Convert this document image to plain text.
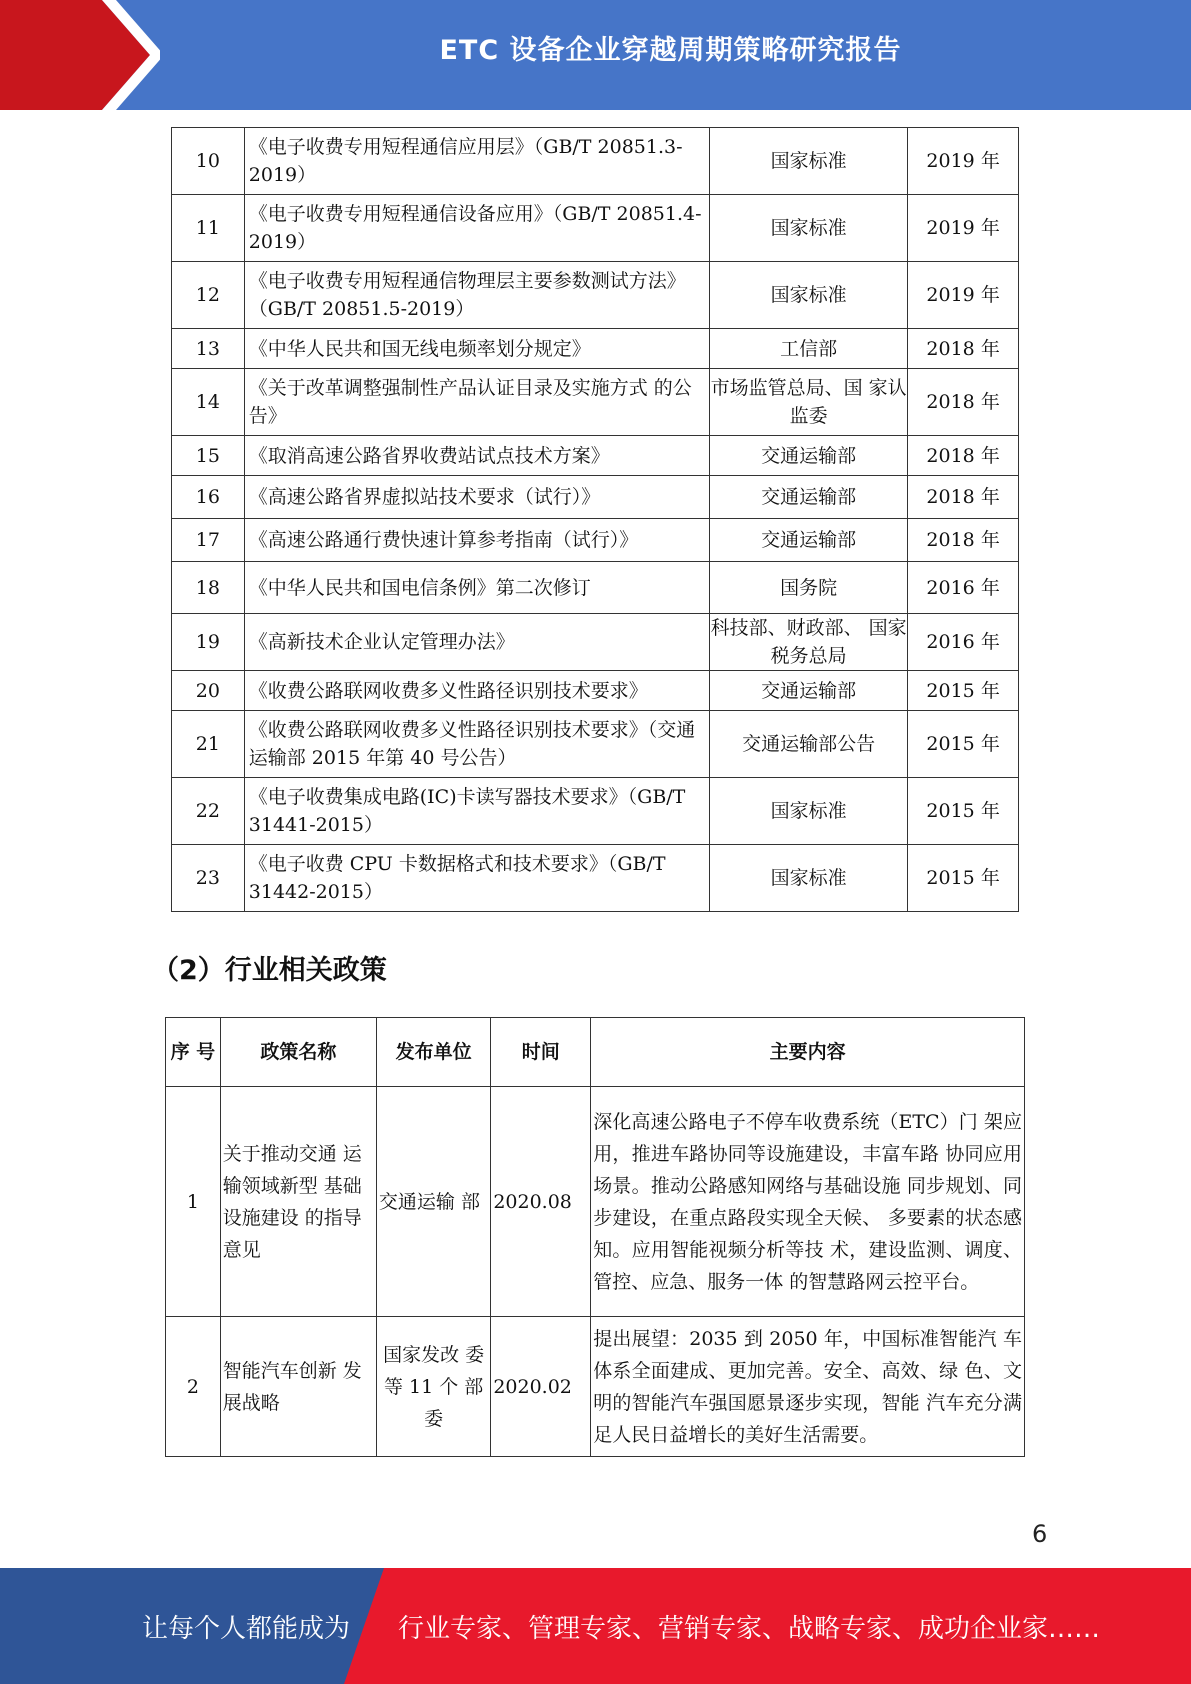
ETC 设备企业穿越周期策略研究报告
10	《电子收费专用短程通信应用层》（GB/T 20851.3-2019）	国家标准	2019 年
11	《电子收费专用短程通信设备应用》（GB/T 20851.4-2019）	国家标准	2019 年
12	《电子收费专用短程通信物理层主要参数测试方法》（GB/T 20851.5-2019）	国家标准	2019 年
13	《中华人民共和国无线电频率划分规定》	工信部	2018 年
14	《关于改革调整强制性产品认证目录及实施方式 的公告》	市场监管总局、国 家认监委	2018 年
15	《取消高速公路省界收费站试点技术方案》	交通运输部	2018 年
16	《高速公路省界虚拟站技术要求（试行）》	交通运输部	2018 年
17	《高速公路通行费快速计算参考指南（试行）》	交通运输部	2018 年
18	《中华人民共和国电信条例》第二次修订	国务院	2016 年
19	《高新技术企业认定管理办法》	科技部、财政部、 国家税务总局	2016 年
20	《收费公路联网收费多义性路径识别技术要求》	交通运输部	2015 年
21	《收费公路联网收费多义性路径识别技术要求》（交通运输部 2015 年第 40 号公告）	交通运输部公告	2015 年
22	《电子收费集成电路(IC)卡读写器技术要求》（GB/T 31441-2015）	国家标准	2015 年
23	《电子收费 CPU 卡数据格式和技术要求》（GB/T 31442-2015）	国家标准	2015 年
（2）行业相关政策
序 号	政策名称	发布单位	时间	主要内容
1	关于推动交通 运输领域新型 基础设施建设 的指导意见	交通运输 部	2020.08	深化高速公路电子不停车收费系统（ETC）门 架应用，推进车路协同等设施建设，丰富车路 协同应用场景。推动公路感知网络与基础设施 同步规划、同步建设，在重点路段实现全天候、 多要素的状态感知。应用智能视频分析等技 术，建设监测、调度、管控、应急、服务一体 的智慧路网云控平台。
2	智能汽车创新 发展战略	国家发改 委等 11 个 部委	2020.02	提出展望：2035 到 2050 年，中国标准智能汽 车体系全面建成、更加完善。安全、高效、绿 色、文明的智能汽车强国愿景逐步实现，智能 汽车充分满足人民日益增长的美好生活需要。
6
让每个人都能成为 行业专家、管理专家、营销专家、战略专家、成功企业家……
